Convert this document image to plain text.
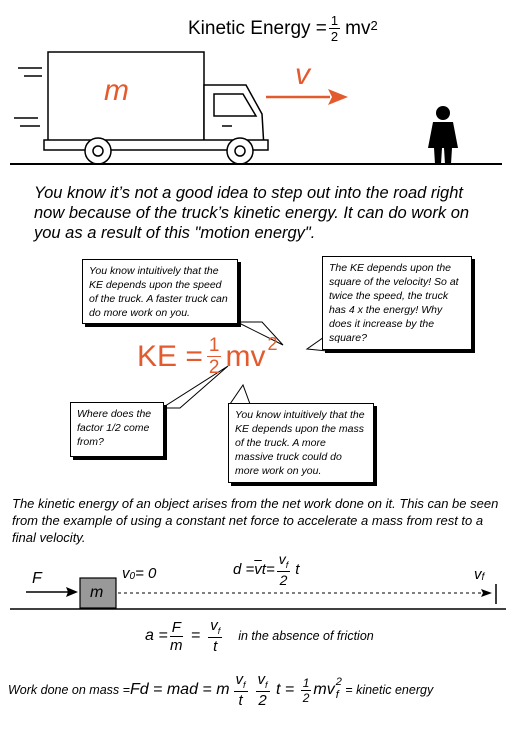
Kinetic Energy = $\frac{1}{2} mv^2$
m	v
You know it’s not a good idea to step out into the road right now because of the truck’s kinetic energy. It can do work on you as a result of this "motion energy".
You know intuitively that the KE depends upon the speed of the truck. A faster truck can do more work on you.
The KE depends upon the square of the velocity! So at twice the speed, the truck has 4 x the energy! Why does it increase by the square?
Where does the factor 1/2 come from?
You know intuitively that the KE depends upon the mass of the truck. A more massive truck could do more work on you.
KE = $\frac{1}{2} mv^2$
The kinetic energy of an object arises from the net work done on it. This can be seen from the example of using a constant net force to accelerate a mass from rest to a final velocity.
F
m
$v_0 = 0$	$d = \overline{v}$ $t = \frac{v_f}{2}$ t	$v_f$
$a = \frac{F}{m} = \frac{v_f}{t}$ in the absence of friction
Work done on mass = Fd = mad = m $\frac{v_f}{t} \frac{v_f}{2}$ $t = \frac{1}{2}$ mv 2
f = kinetic energy
